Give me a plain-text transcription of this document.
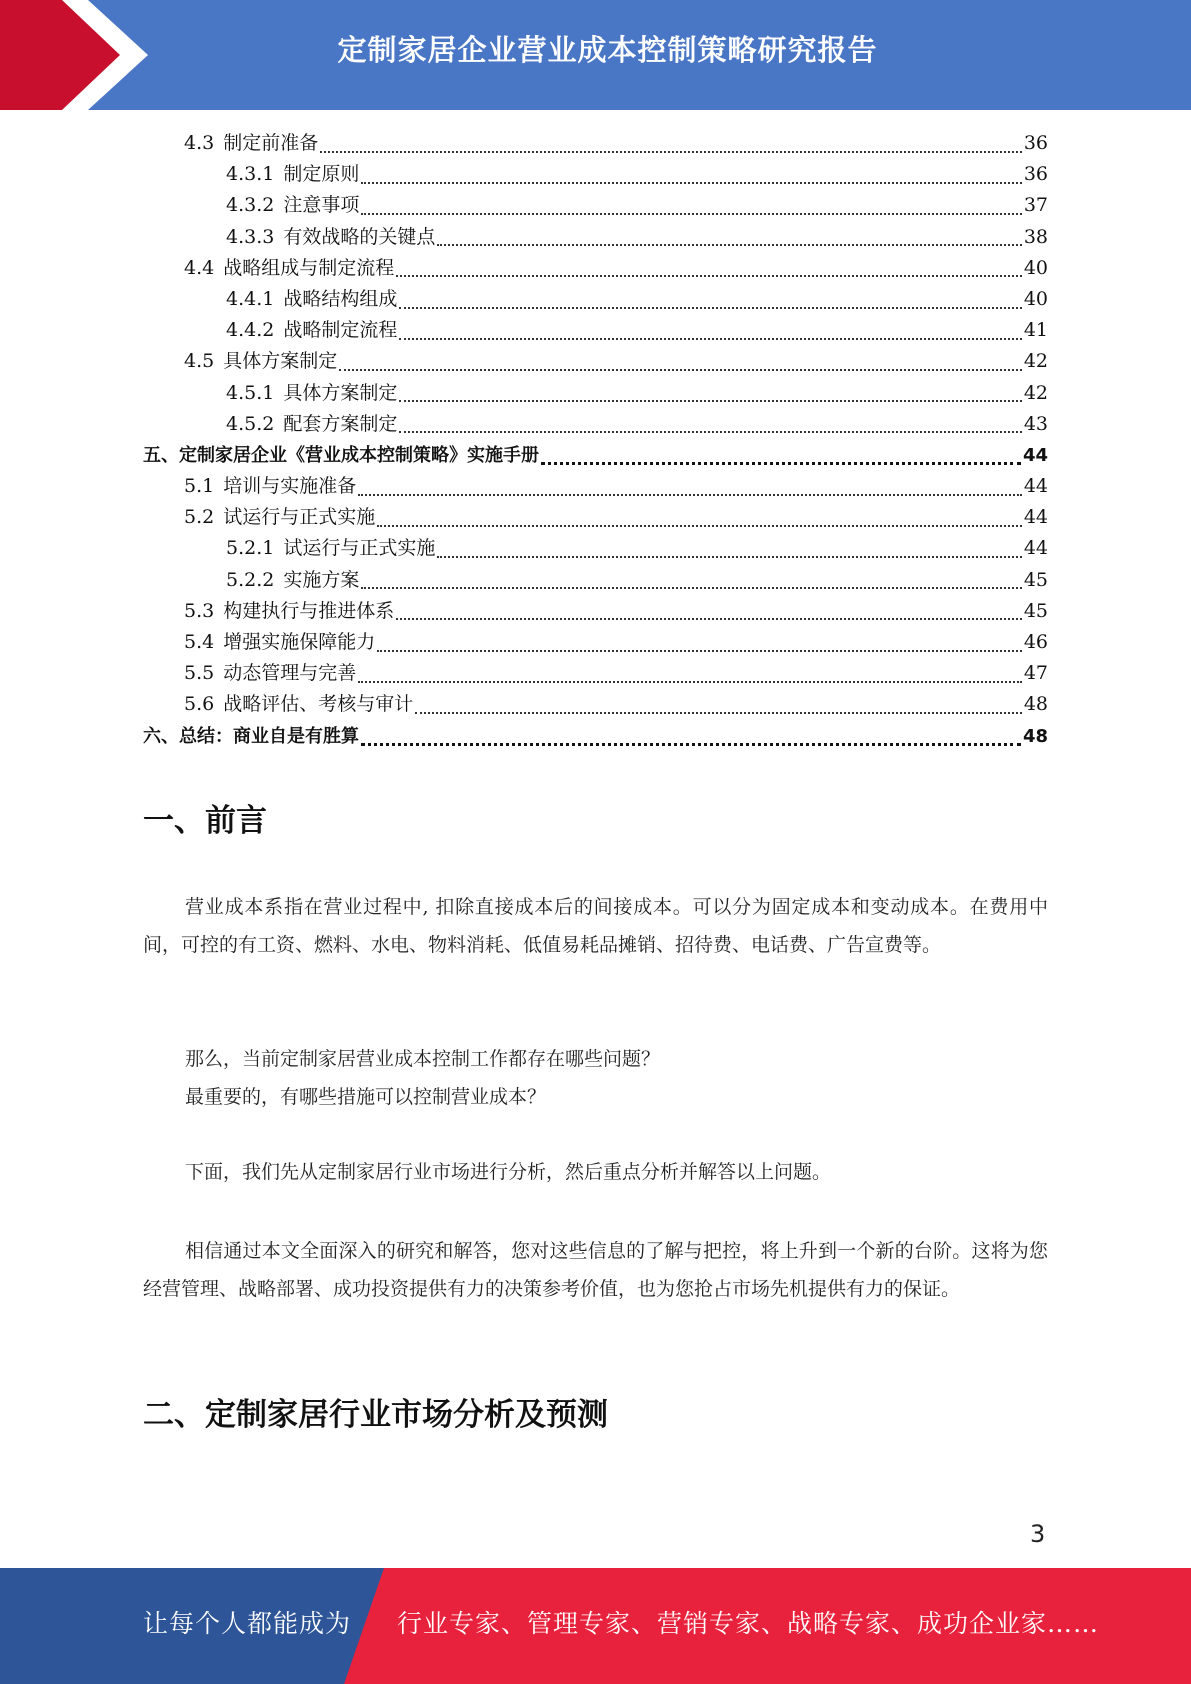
定制家居企业营业成本控制策略研究报告
4.3 制定前准备	36
4.3.1 制定原则	36
4.3.2 注意事项	37
4.3.3 有效战略的关键点	38
4.4 战略组成与制定流程	40
4.4.1 战略结构组成	40
4.4.2 战略制定流程	41
4.5 具体方案制定	42
4.5.1 具体方案制定	42
4.5.2 配套方案制定	43
五、 定制家居企业《营业成本控制策略》实施手册	44
5.1 培训与实施准备	44
5.2 试运行与正式实施	44
5.2.1 试运行与正式实施	44
5.2.2 实施方案	45
5.3 构建执行与推进体系	45
5.4 增强实施保障能力	46
5.5 动态管理与完善	47
5.6 战略评估、考核与审计	48
六、 总结：商业自是有胜算	48
一、前言
营业成本系指在营业过程中, 扣除直接成本后的间接成本。可以分为固定成本和变动成本。在费用中间，可控的有工资、燃料、水电、物料消耗、低值易耗品摊销、招待费、电话费、广告宣费等。
那么，当前定制家居营业成本控制工作都存在哪些问题？
最重要的，有哪些措施可以控制营业成本？
下面，我们先从定制家居行业市场进行分析，然后重点分析并解答以上问题。
相信通过本文全面深入的研究和解答，您对这些信息的了解与把控，将上升到一个新的台阶。这将为您经营管理、战略部署、成功投资提供有力的决策参考价值，也为您抢占市场先机提供有力的保证。
二、定制家居行业市场分析及预测
3
让每个人都能成为 行业专家、管理专家、营销专家、战略专家、成功企业家……
